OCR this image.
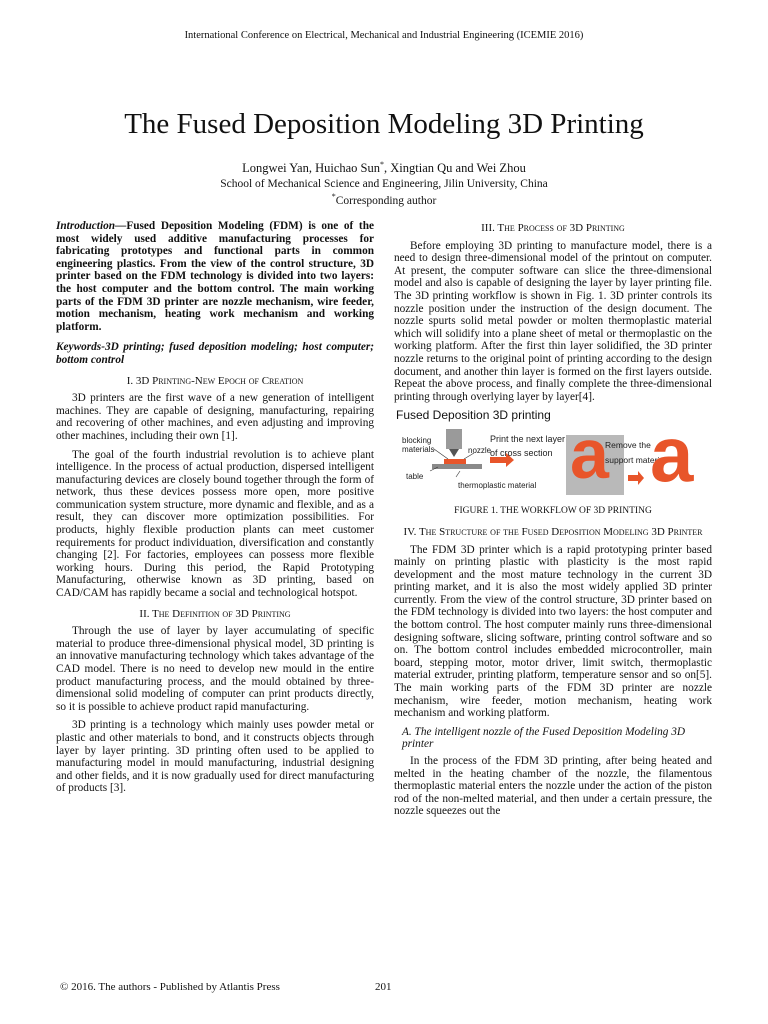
International Conference on Electrical, Mechanical and Industrial Engineering (ICEMIE 2016)
The Fused Deposition Modeling 3D Printing
Longwei Yan, Huichao Sun*, Xingtian Qu and Wei Zhou
School of Mechanical Science and Engineering, Jilin University, China
*Corresponding author

Introduction—Fused Deposition Modeling (FDM) is one of the most widely used additive manufacturing processes for fabricating prototypes and functional parts in common engineering plastics. From the view of the control structure, 3D printer based on the FDM technology is divided into two layers: the host computer and the bottom control. The main working parts of the FDM 3D printer are nozzle mechanism, wire feeder, motion mechanism, heating work mechanism and working platform.

Keywords-3D printing; fused deposition modeling; host computer; bottom control

I. 3D Printing-New Epoch of Creation

3D printers are the first wave of a new generation of intelligent machines. They are capable of designing, manufacturing, repairing and recovering of other machines, and even adjusting and improving other machines, including their own [1].

The goal of the fourth industrial revolution is to achieve plant intelligence. In the process of actual production, dispersed intelligent manufacturing devices are closely bound together through the form of network, thus these devices possess more open, more positive communication system structure, more dynamic and flexible, and as a result, they can discover more optimization possibilities. For products, highly flexible production plants can meet customer requirements for product individuation, diversification and constantly changing [2]. For factories, employees can possess more flexible working hours. During this period, the Rapid Prototyping Manufacturing, otherwise known as 3D printing, based on CAD/CAM has rapidly became a social and technological hotspot.

II. The Definition of 3D Printing

Through the use of layer by layer accumulating of specific material to produce three-dimensional physical model, 3D printing is an innovative manufacturing technology which takes advantage of the CAD model. There is no need to develop new mould in the entire product manufacturing process, and the mould obtained by three-dimensional solid modeling of computer can print products directly, so it is possible to achieve product rapid manufacturing.

3D printing is a technology which mainly uses powder metal or plastic and other materials to bond, and it constructs objects through layer by layer printing. 3D printing often used to be applied to manufacturing model in mould manufacturing, industrial designing and other fields, and it is now gradually used for direct manufacturing of products [3].

III. The Process of 3D Printing

Before employing 3D printing to manufacture model, there is a need to design three-dimensional model of the printout on computer. At present, the computer software can slice the three-dimensional model and also is capable of designing the layer by layer printing file. The 3D printing workflow is shown in Fig. 1. 3D printer controls its nozzle position under the instruction of the design document. The nozzle spurts solid metal powder or molten thermoplastic material which will solidify into a plane sheet of metal or thermoplastic on the working platform. After the first thin layer solidified, the 3D printer nozzle returns to the original point of printing according to the design document, and another thin layer is formed on the first layers outside. Repeat the above process, and finally complete the three-dimensional printing through overlying layer by layer[4].

Fused Deposition 3D printing
blocking materials	nozzle
table
thermoplastic material
Print the next layer of cross section
Remove the support material
a a
FIGURE 1. THE WORKFLOW OF 3D PRINTING
IV. The Structure of the Fused Deposition Modeling 3D Printer

The FDM 3D printer which is a rapid prototyping printer based mainly on printing plastic with plasticity is the most rapid development and the most mature technology in the current 3D printing market, and it is also the most widely applied 3D printer currently. From the view of the control structure, 3D printer based on the FDM technology is divided into two layers: the host computer and the bottom control. The host computer mainly runs three-dimensional designing software, slicing software, printing control software and so on. The bottom control includes embedded microcontroller, main board, stepping motor, motor driver, limit switch, thermoplastic material extruder, printing platform, temperature sensor and so on[5]. The main working parts of the FDM 3D printer are nozzle mechanism, wire feeder, motion mechanism, heating work mechanism and working platform.

A. The intelligent nozzle of the Fused Deposition Modeling 3D printer

In the process of the FDM 3D printing, after being heated and melted in the heating chamber of the nozzle, the filamentous thermoplastic material enters the nozzle under the action of the piston rod of the non-melted material, and then under a certain pressure, the nozzle squeezes out the

© 2016. The authors - Published by Atlantis Press	201
